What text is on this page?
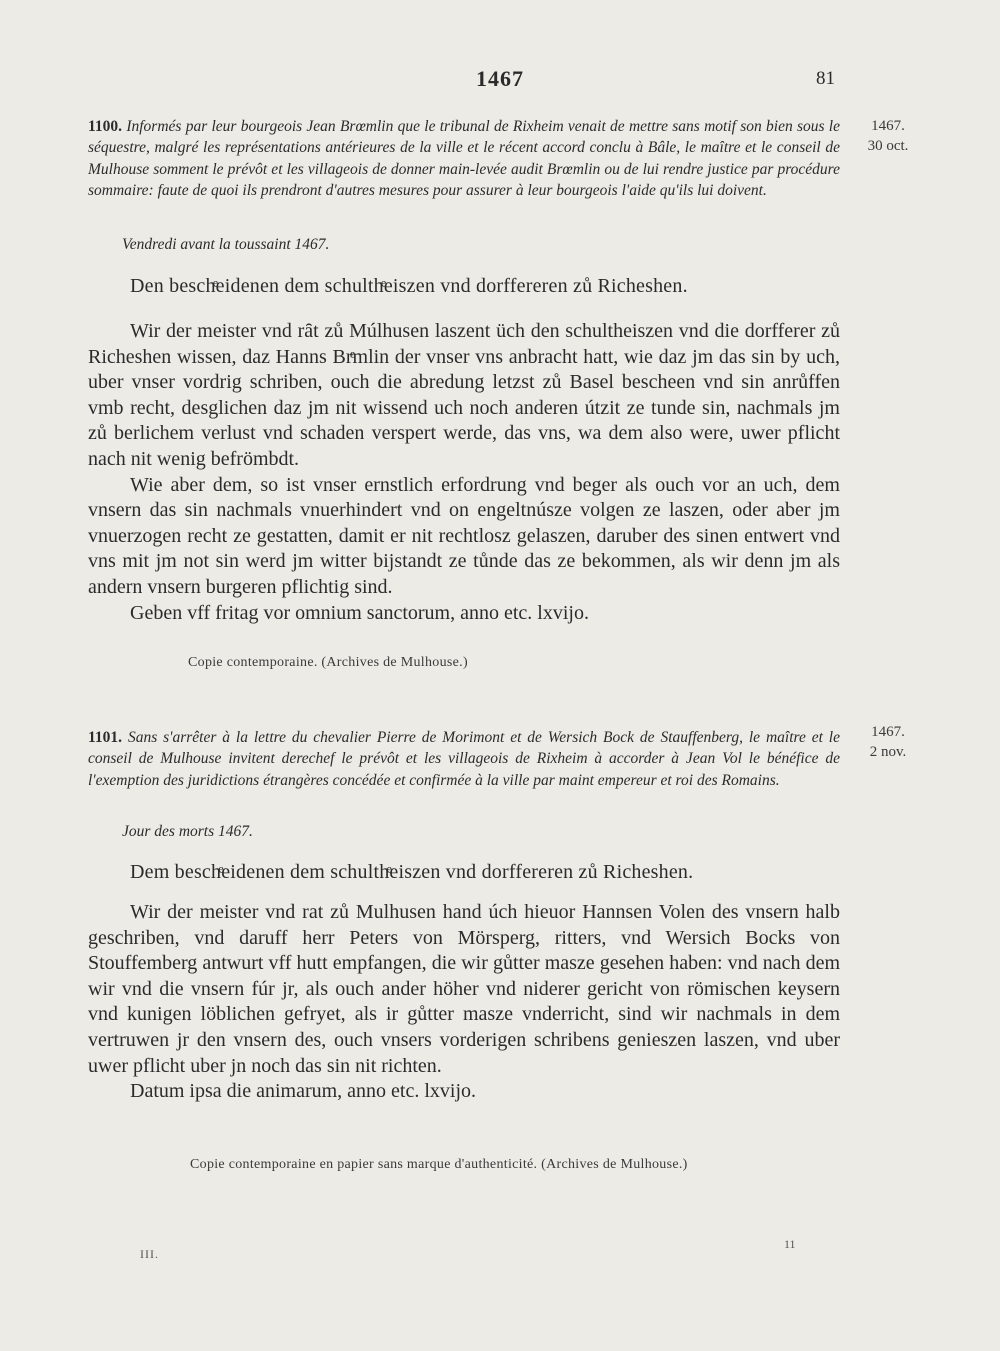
1467	81
1100. Informés par leur bourgeois Jean Brœmlin que le tribunal de Rixheim venait de mettre sans motif son bien sous le séquestre, malgré les représentations antérieures de la ville et le récent accord conclu à Bâle, le maître et le conseil de Mulhouse somment le prévôt et les villageois de donner main-levée audit Brœmlin ou de lui rendre justice par procédure sommaire: faute de quoi ils prendront d'autres mesures pour assurer à leur bourgeois l'aide qu'ils lui doivent.
1467.
30 oct.
Vendredi avant la toussaint 1467.
Den beschͤeidenen dem schulthͤeiszen vnd dorffereren zů Richeshen.

Wir der meister vnd rȃt zů Múlhusen laszent üch den schultheiszen vnd die dorfferer zů Richeshen wissen, daz Hanns Brͤmlin der vnser vns anbracht hatt, wie daz jm das sin by uch, uber vnser vordrig schriben, ouch die abredung letzst zů Basel bescheen vnd sin anrůffen vmb recht, desglichen daz jm nit wissend uch noch anderen útzit ze tunde sin, nachmals jm zů berlichem verlust vnd schaden verspert werde, das vns, wa dem also were, uwer pflicht nach nit wenig befrömbdt.

Wie aber dem, so ist vnser ernstlich erfordrung vnd beger als ouch vor an uch, dem vnsern das sin nachmals vnuerhindert vnd on engeltnúsze volgen ze laszen, oder aber jm vnuerzogen recht ze gestatten, damit er nit rechtlosz gelaszen, daruber des sinen entwert vnd vns mit jm not sin werd jm witter bijstandt ze tůnde das ze bekommen, als wir denn jm als andern vnsern burgeren pflichtig sind.

Geben vff fritag vor omnium sanctorum, anno etc. lxvijo.

Copie contemporaine. (Archives de Mulhouse.)
1101. Sans s'arrêter à la lettre du chevalier Pierre de Morimont et de Wersich Bock de Stauffenberg, le maître et le conseil de Mulhouse invitent derechef le prévôt et les villageois de Rixheim à accorder à Jean Vol le bénéfice de l'exemption des juridictions étrangères concédée et confirmée à la ville par maint empereur et roi des Romains.
1467.
2 nov.
Jour des morts 1467.
Dem beschͤeidenen dem schulthͤeiszen vnd dorffereren zů Richeshen.

Wir der meister vnd rat zů Mulhusen hand úch hieuor Hannsen Volen des vnsern halb geschriben, vnd daruff herr Peters von Mörsperg, ritters, vnd Wersich Bocks von Stouffemberg antwurt vff hutt empfangen, die wir gůtter masze gesehen haben: vnd nach dem wir vnd die vnsern fúr jr, als ouch ander höher vnd niderer gericht von römischen keysern vnd kunigen löblichen gefryet, als ir gůtter masze vnderricht, sind wir nachmals in dem vertruwen jr den vnsern des, ouch vnsers vorderigen schribens genieszen laszen, vnd uber uwer pflicht uber jn noch das sin nit richten.

Datum ipsa die animarum, anno etc. lxvijo.

Copie contemporaine en papier sans marque d'authenticité. (Archives de Mulhouse.)
III.
11
